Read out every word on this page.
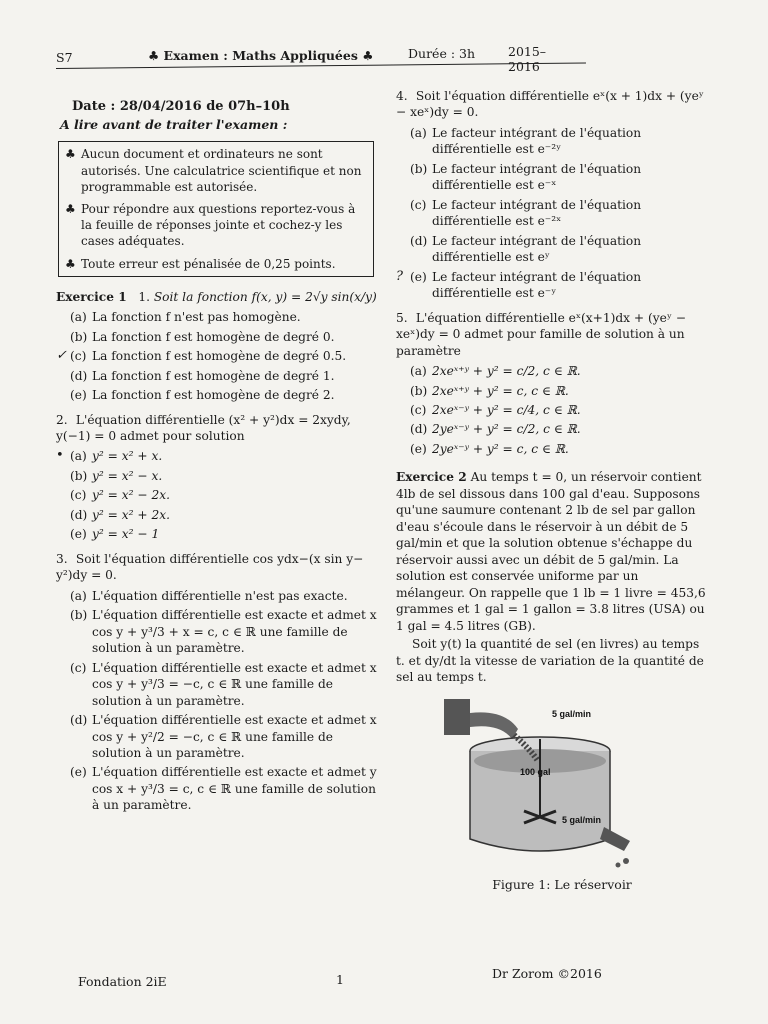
S7	♣ Examen : Maths Appliquées ♣	Durée : 3h	2015–2016
Date : 28/04/2016 de 07h–10h
A lire avant de traiter l'examen :
♣ Aucun document et ordinateurs ne sont autorisés. Une calculatrice scientifique et non programmable est autorisée.
♣ Pour répondre aux questions reportez-vous à la feuille de réponses jointe et cochez-y les cases adéquates.
♣ Toute erreur est pénalisée de 0,25 points.
Exercice 1 1. Soit la fonction f(x, y) = 2√y sin(x/y)
(a) La fonction f n'est pas homogène.
(b) La fonction f est homogène de degré 0.
✓ (c) La fonction f est homogène de degré 0.5.
(d) La fonction f est homogène de degré 1.
(e) La fonction f est homogène de degré 2.
2. L'équation différentielle (x² + y²)dx = 2xydy, y(−1) = 0 admet pour solution
• (a) y² = x² + x.
(b) y² = x² − x.
(c) y² = x² − 2x.
(d) y² = x² + 2x.
(e) y² = x² − 1
3. Soit l'équation différentielle cos ydx−(x sin y− y²)dy = 0.
(a) L'équation différentielle n'est pas exacte.
(b) L'équation différentielle est exacte et admet x cos y + y³/3 + x = c, c ∈ ℝ une famille de solution à un paramètre.
(c) L'équation différentielle est exacte et admet x cos y + y³/3 = −c, c ∈ ℝ une famille de solution à un paramètre.
(d) L'équation différentielle est exacte et admet x cos y + y²/2 = −c, c ∈ ℝ une famille de solution à un paramètre.
(e) L'équation différentielle est exacte et admet y cos x + y³/3 = c, c ∈ ℝ une famille de solution à un paramètre.
4. Soit l'équation différentielle eˣ(x + 1)dx + (yeʸ − xeˣ)dy = 0.
(a) Le facteur intégrant de l'équation différentielle est e⁻²ʸ
(b) Le facteur intégrant de l'équation différentielle est e⁻ˣ
(c) Le facteur intégrant de l'équation différentielle est e⁻²ˣ
(d) Le facteur intégrant de l'équation différentielle est eʸ
? (e) Le facteur intégrant de l'équation différentielle est e⁻ʸ
5. L'équation différentielle eˣ(x+1)dx + (yeʸ − xeˣ)dy = 0 admet pour famille de solution à un paramètre
(a) 2xeˣ⁺ʸ + y² = c/2, c ∈ ℝ.
(b) 2xeˣ⁺ʸ + y² = c, c ∈ ℝ.
(c) 2xeˣ⁻ʸ + y² = c/4, c ∈ ℝ.
(d) 2yeˣ⁻ʸ + y² = c/2, c ∈ ℝ.
(e) 2yeˣ⁻ʸ + y² = c, c ∈ ℝ.
Exercice 2 Au temps t = 0, un réservoir contient 4lb de sel dissous dans 100 gal d'eau. Supposons qu'une saumure contenant 2 lb de sel par gallon d'eau s'écoule dans le réservoir à un débit de 5 gal/min et que la solution obtenue s'échappe du réservoir aussi avec un débit de 5 gal/min. La solution est conservée uniforme par un mélangeur. On rappelle que 1 lb = 1 livre = 453,6 grammes et 1 gal = 1 gallon = 3.8 litres (USA) ou 1 gal = 4.5 litres (GB).
Soit y(t) la quantité de sel (en livres) au temps t. et dy/dt la vitesse de variation de la quantité de sel au temps t.
5 gal/min
100 gal
5 gal/min
Figure 1: Le réservoir
Fondation 2iE	1	Dr Zorom ©2016
